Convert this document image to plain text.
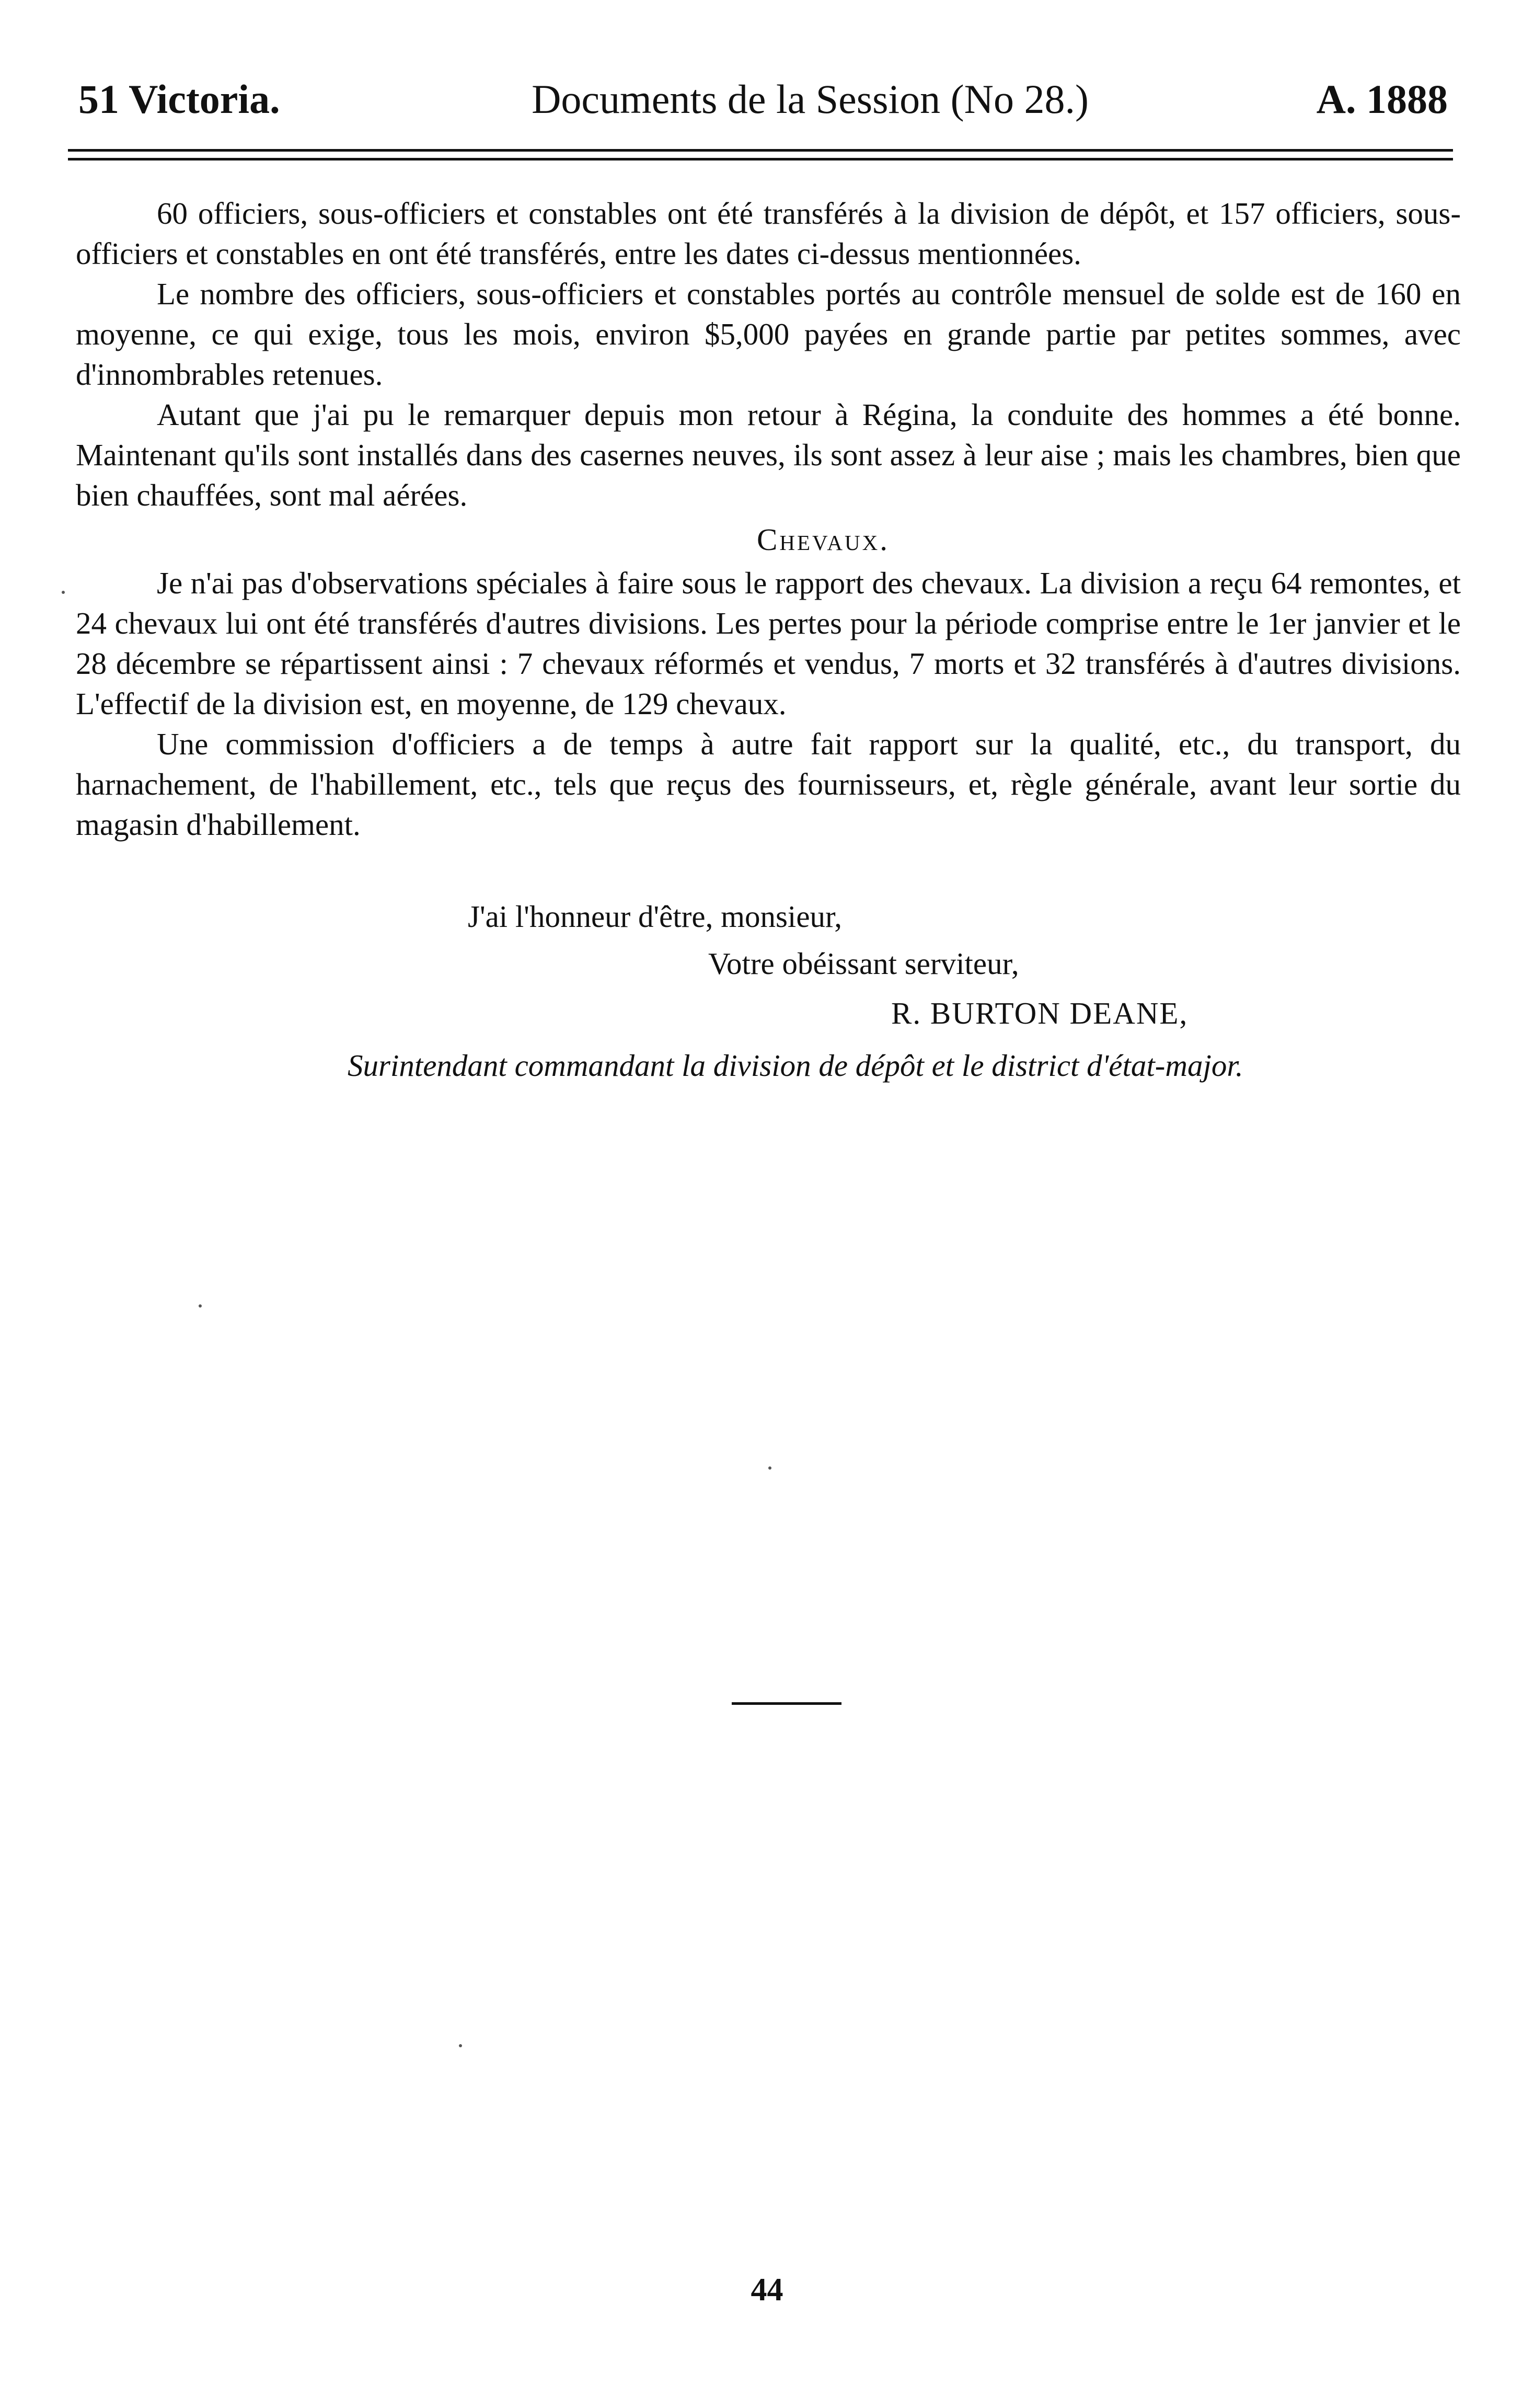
51 Victoria.	Documents de la Session (No 28.)	A. 1888

60 officiers, sous-officiers et constables ont été transférés à la division de dépôt, et 157 officiers, sous-officiers et constables en ont été transférés, entre les dates ci-dessus mentionnées.

Le nombre des officiers, sous-officiers et constables portés au contrôle mensuel de solde est de 160 en moyenne, ce qui exige, tous les mois, environ $5,000 payées en grande partie par petites sommes, avec d'innombrables retenues.

Autant que j'ai pu le remarquer depuis mon retour à Régina, la conduite des hommes a été bonne. Maintenant qu'ils sont installés dans des casernes neuves, ils sont assez à leur aise ; mais les chambres, bien que bien chauffées, sont mal aérées.

Chevaux.

Je n'ai pas d'observations spéciales à faire sous le rapport des chevaux. La division a reçu 64 remontes, et 24 chevaux lui ont été transférés d'autres divisions. Les pertes pour la période comprise entre le 1er janvier et le 28 décembre se répartissent ainsi : 7 chevaux réformés et vendus, 7 morts et 32 transférés à d'autres divisions. L'effectif de la division est, en moyenne, de 129 chevaux.

Une commission d'officiers a de temps à autre fait rapport sur la qualité, etc., du transport, du harnachement, de l'habillement, etc., tels que reçus des fournisseurs, et, règle générale, avant leur sortie du magasin d'habillement.

J'ai l'honneur d'être, monsieur,
Votre obéissant serviteur,
R. BURTON DEANE,
Surintendant commandant la division de dépôt et le district d'état-major.
44
